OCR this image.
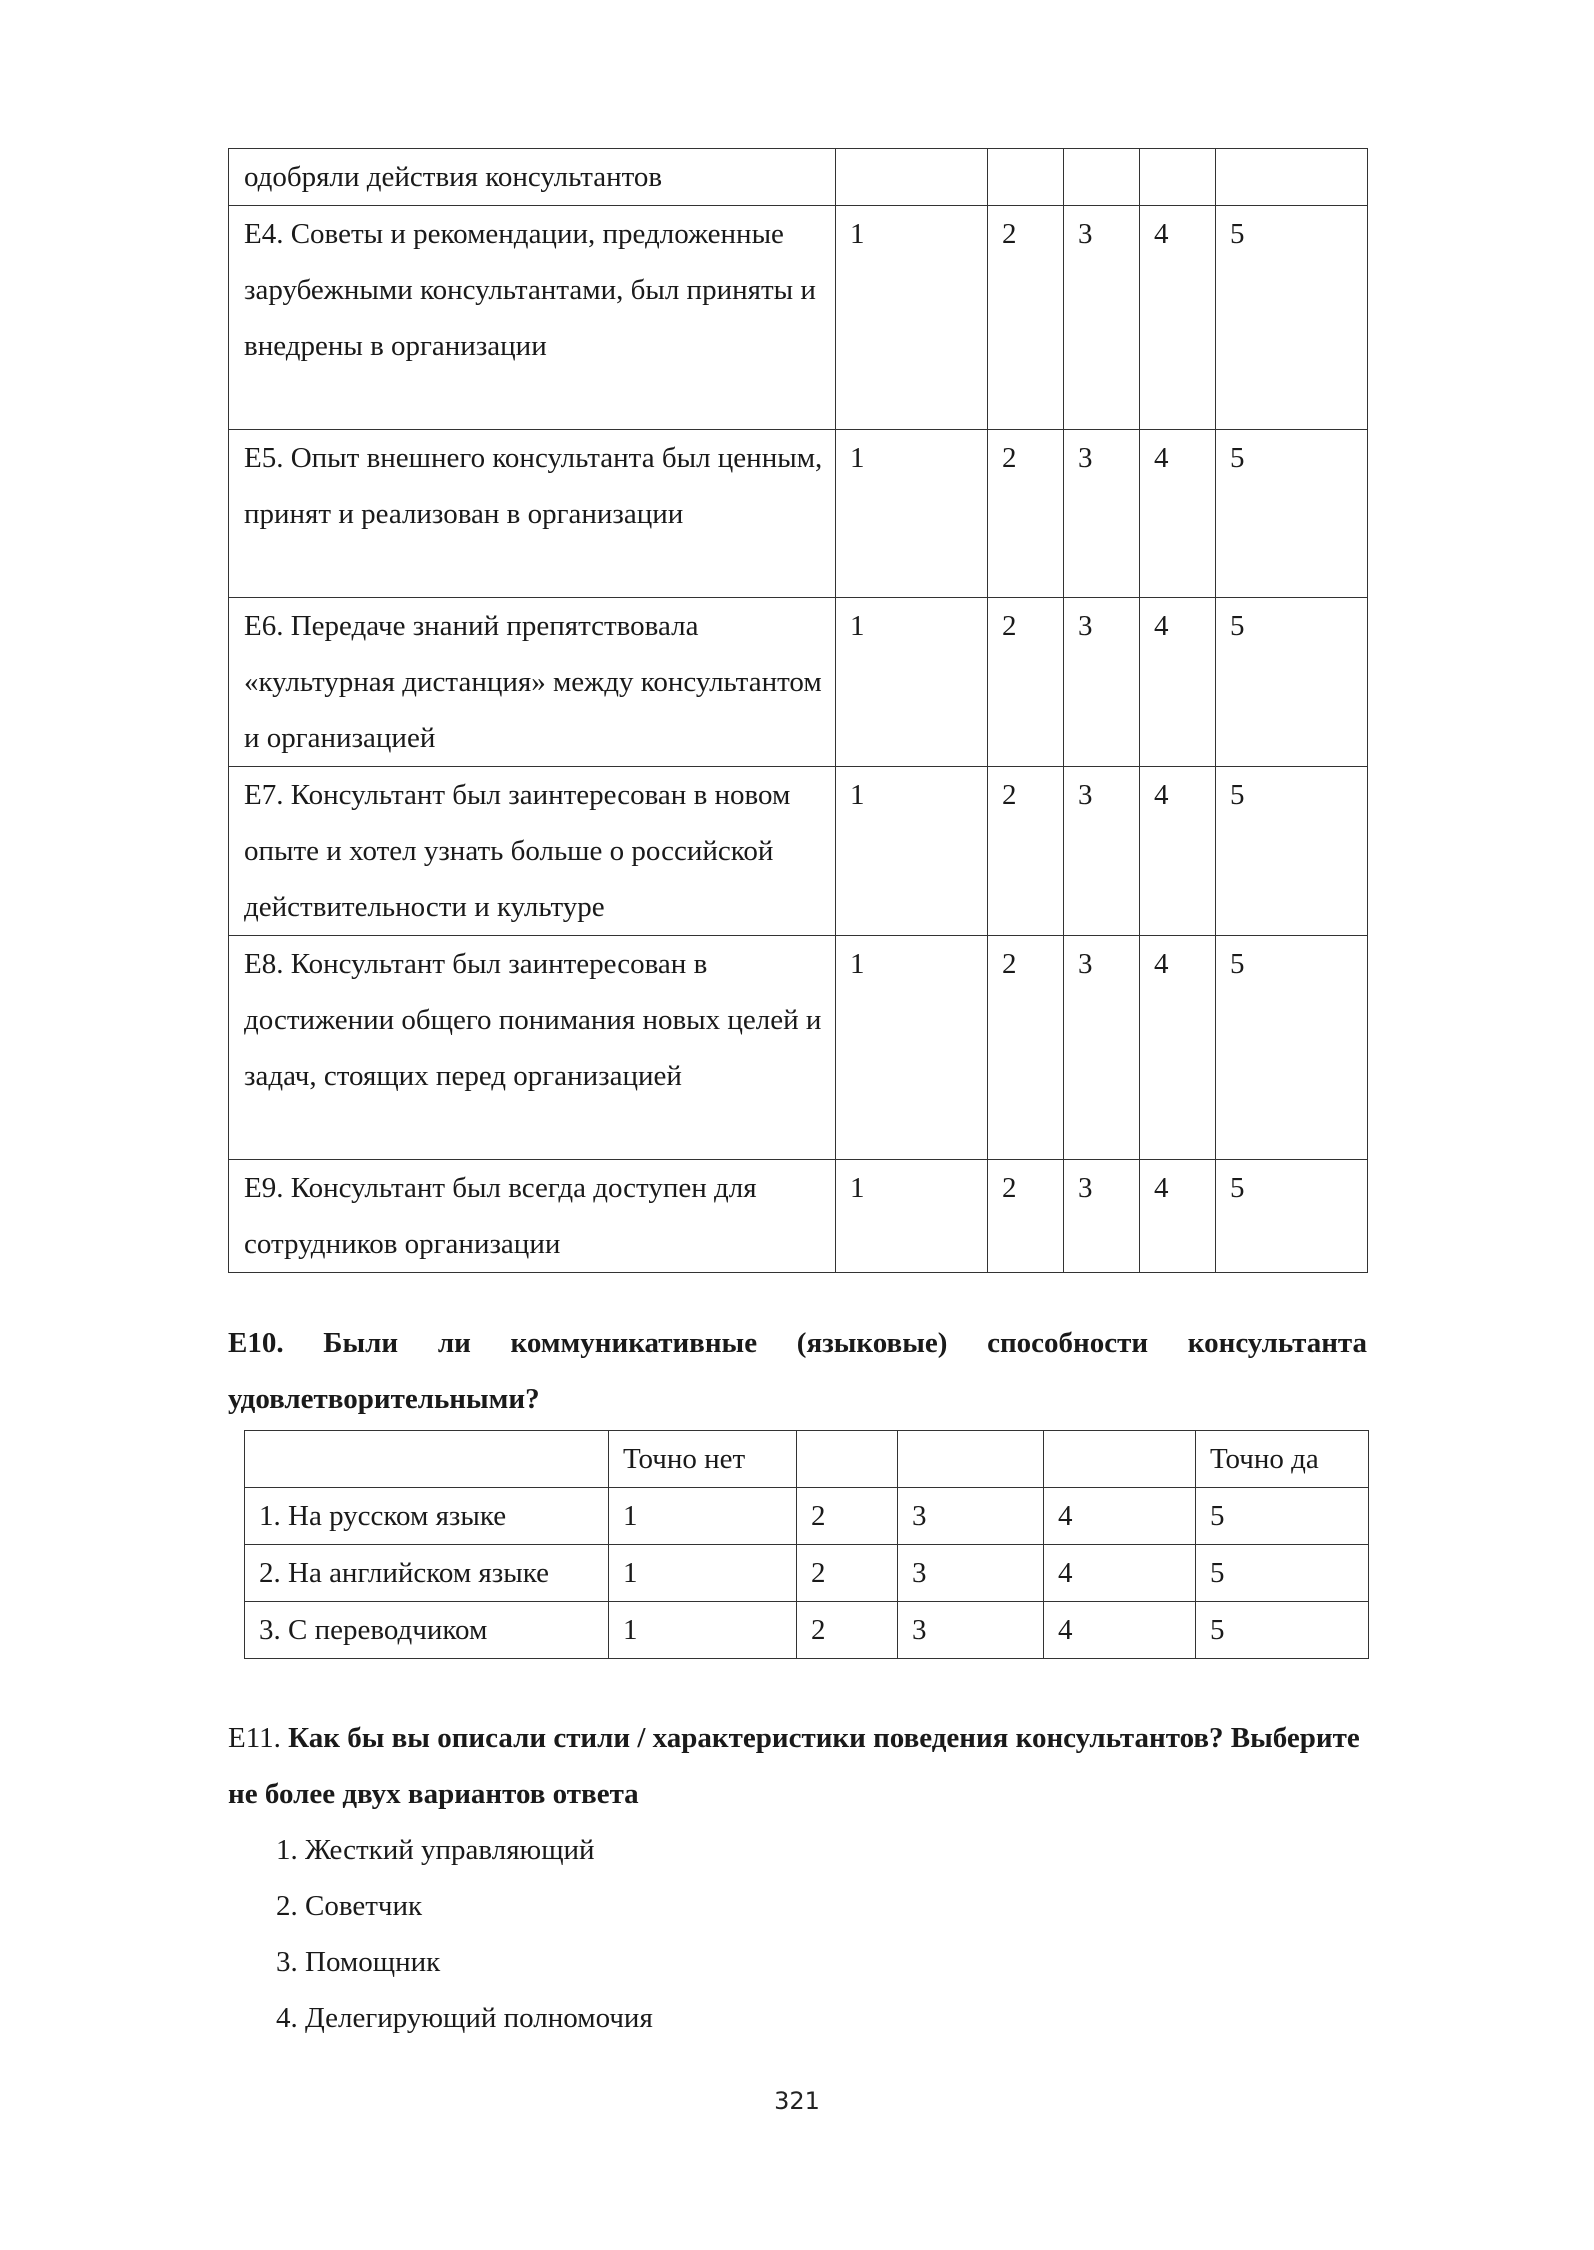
одобряли действия консультантов					
Е4. Советы и рекомендации, предложенные зарубежными консультантами, был приняты и внедрены в организации	1	2	3	4	5
Е5. Опыт внешнего консультанта был ценным, принят и реализован в организации	1	2	3	4	5
Е6. Передаче знаний препятствовала «культурная дистанция» между консультантом и организацией	1	2	3	4	5
Е7. Консультант был заинтересован в новом опыте и хотел узнать больше о российской действительности и культуре	1	2	3	4	5
Е8. Консультант был заинтересован в достижении общего понимания новых целей и задач, стоящих перед организацией	1	2	3	4	5
Е9. Консультант был всегда доступен для сотрудников организации	1	2	3	4	5
Е10. Были ли коммуникативные (языковые) способности консультанта удовлетворительными?
	Точно нет				Точно да
1. На русском языке	1	2	3	4	5
2. На английском языке	1	2	3	4	5
3. С переводчиком	1	2	3	4	5
Е11. Как бы вы описали стили / характеристики поведения консультантов? Выберите не более двух вариантов ответа
1. Жесткий управляющий
2. Советчик
3. Помощник
4. Делегирующий полномочия
321
